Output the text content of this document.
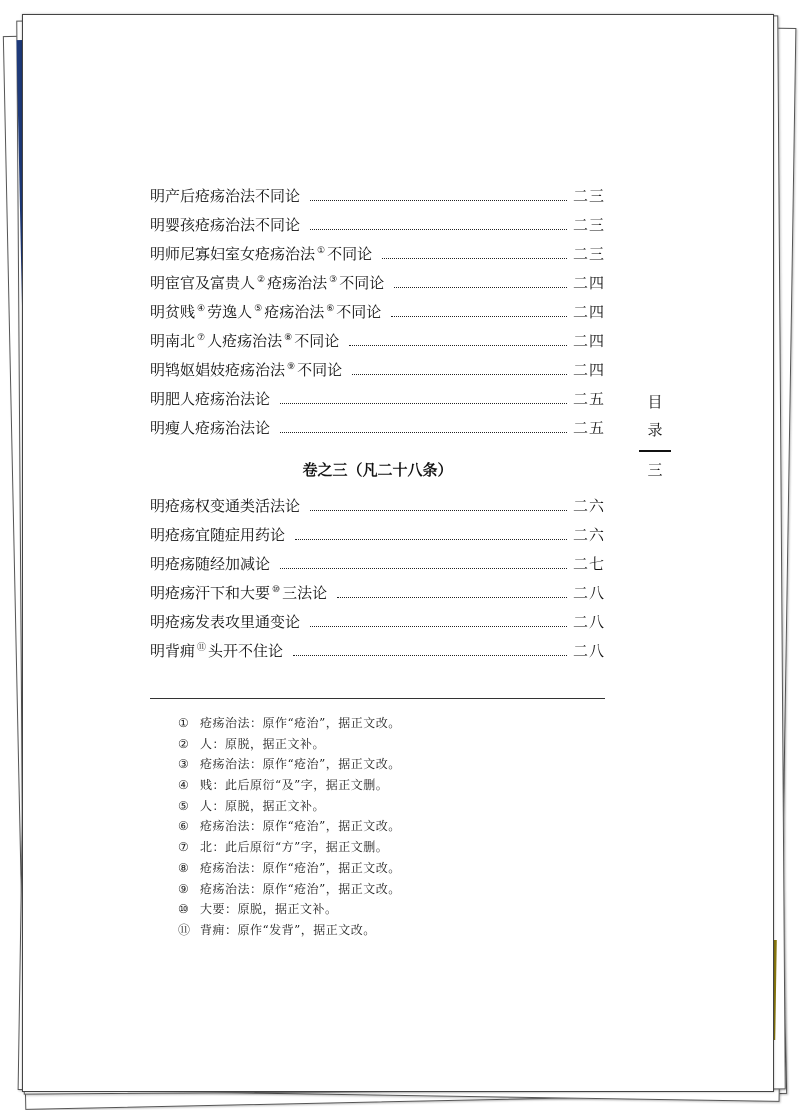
明产后疮疡治法不同论	二三
明婴孩疮疡治法不同论	二三
明师尼寡妇室女疮疡治法 ① 不同论	二三
明宦官及富贵人 ② 疮疡治法 ③ 不同论	二四
明贫贱 ④ 劳逸人 ⑤ 疮疡治法 ⑥ 不同论	二四
明南北 ⑦ 人疮疡治法 ⑧ 不同论	二四
明鸨妪娼妓疮疡治法 ⑨ 不同论	二四
明肥人疮疡治法论	二五
明瘦人疮疡治法论	二五
卷之三（凡二十八条）
明疮疡权变通类活法论	二六
明疮疡宜随症用药论	二六
明疮疡随经加减论	二七
明疮疡汗下和大要 ⑩ 三法论	二八
明疮疡发表攻里通变论	二八
明背痈 ⑪ 头开不住论	二八
① 疮疡治法：原作“疮治”，据正文改。
② 人：原脱，据正文补。
③ 疮疡治法：原作“疮治”，据正文改。
④ 贱：此后原衍“及”字，据正文删。
⑤ 人：原脱，据正文补。
⑥ 疮疡治法：原作“疮治”，据正文改。
⑦ 北：此后原衍“方”字，据正文删。
⑧ 疮疡治法：原作“疮治”，据正文改。
⑨ 疮疡治法：原作“疮治”，据正文改。
⑩ 大要：原脱，据正文补。
⑪ 背痈：原作“发背”，据正文改。
目
录
三
